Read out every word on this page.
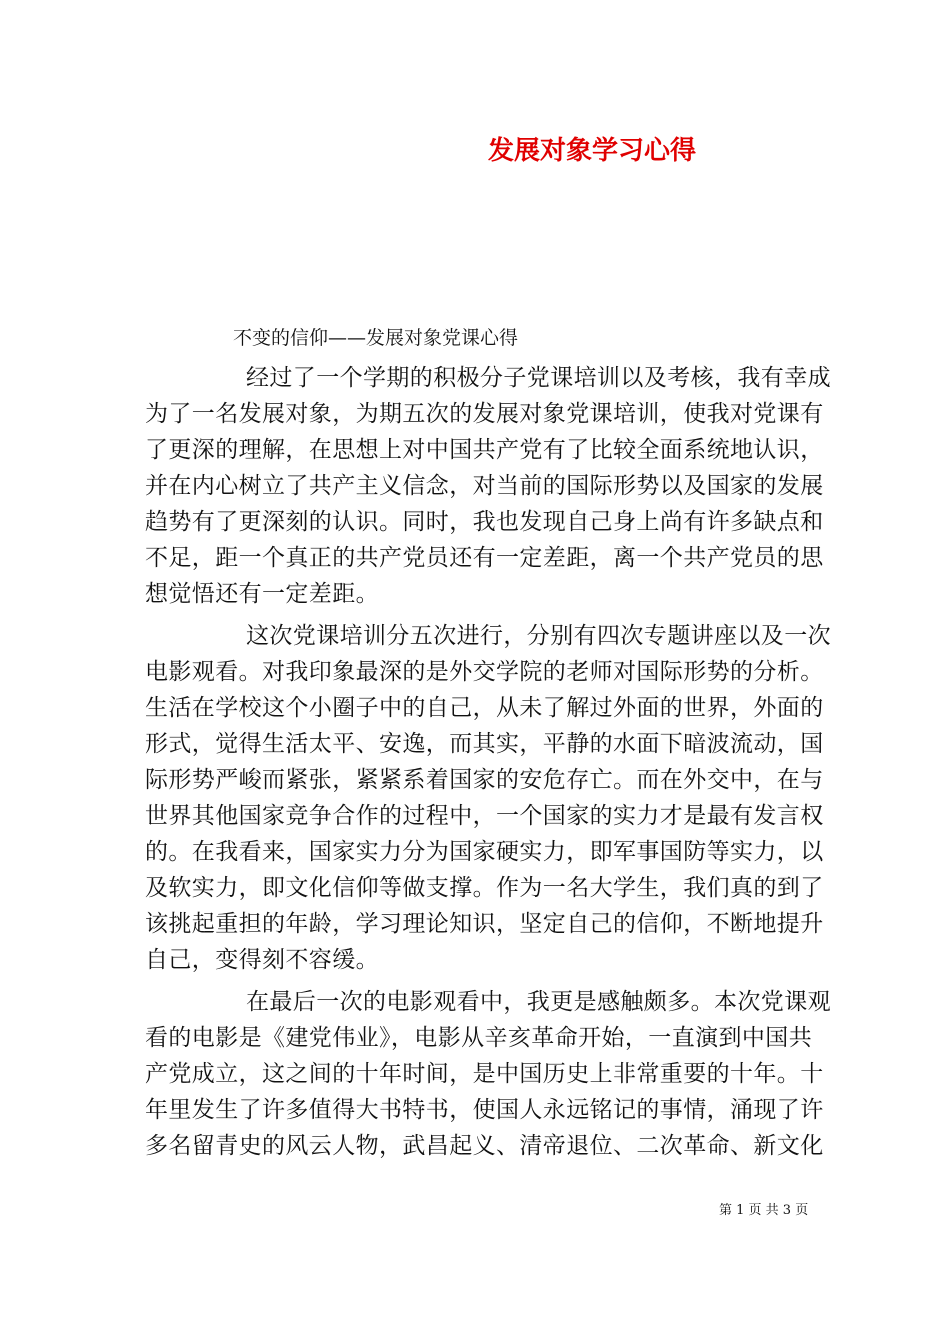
发展对象学习心得
不变的信仰——发展对象党课心得
经过了一个学期的积极分子党课培训以及考核，我有幸成
为了一名发展对象，为期五次的发展对象党课培训，使我对党课有
了更深的理解，在思想上对中国共产党有了比较全面系统地认识，
并在内心树立了共产主义信念，对当前的国际形势以及国家的发展
趋势有了更深刻的认识。同时，我也发现自己身上尚有许多缺点和
不足，距一个真正的共产党员还有一定差距，离一个共产党员的思
想觉悟还有一定差距。
这次党课培训分五次进行，分别有四次专题讲座以及一次
电影观看。对我印象最深的是外交学院的老师对国际形势的分析。
生活在学校这个小圈子中的自己，从未了解过外面的世界，外面的
形式，觉得生活太平、安逸，而其实，平静的水面下暗波流动，国
际形势严峻而紧张，紧紧系着国家的安危存亡。而在外交中，在与
世界其他国家竞争合作的过程中，一个国家的实力才是最有发言权
的。在我看来，国家实力分为国家硬实力，即军事国防等实力，以
及软实力，即文化信仰等做支撑。作为一名大学生，我们真的到了
该挑起重担的年龄，学习理论知识，坚定自己的信仰，不断地提升
自己，变得刻不容缓。
在最后一次的电影观看中，我更是感触颇多。本次党课观
看的电影是《建党伟业》，电影从辛亥革命开始，一直演到中国共
产党成立，这之间的十年时间，是中国历史上非常重要的十年。十
年里发生了许多值得大书特书，使国人永远铭记的事情，涌现了许
多名留青史的风云人物，武昌起义、清帝退位、二次革命、新文化
第 1 页 共 3 页
